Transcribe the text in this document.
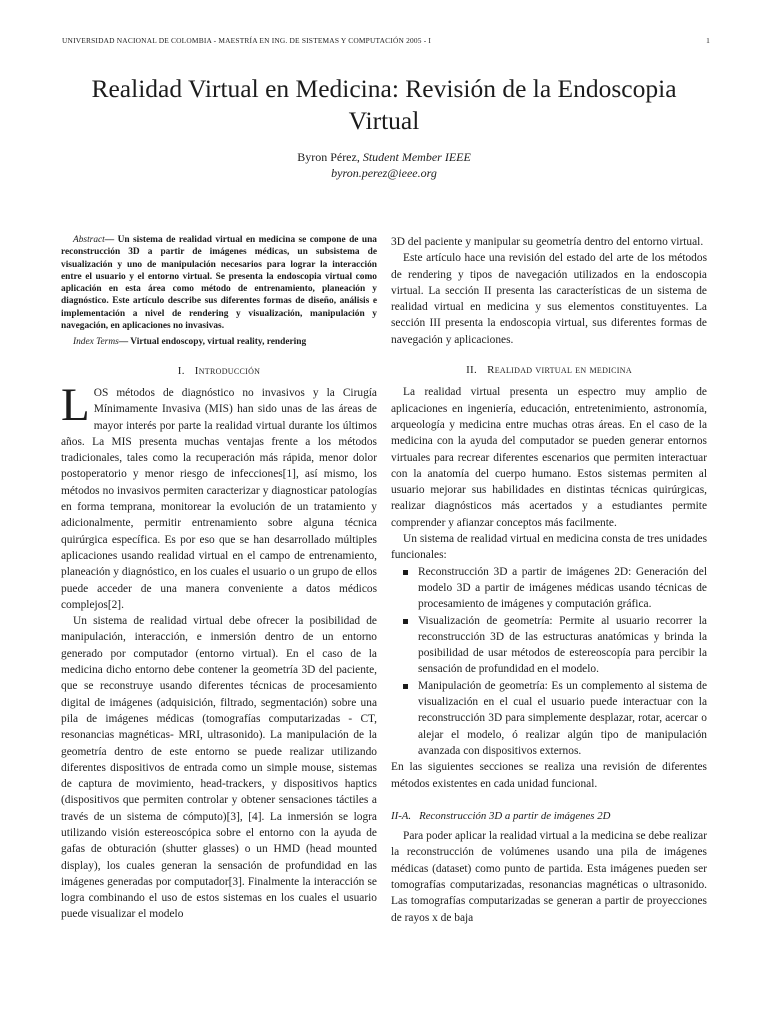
UNIVERSIDAD NACIONAL DE COLOMBIA - MAESTRÍA EN ING. DE SISTEMAS Y COMPUTACIÓN 2005 - I	1
Realidad Virtual en Medicina: Revisión de la Endoscopia Virtual
Byron Pérez, Student Member IEEE
byron.perez@ieee.org

Abstract— Un sistema de realidad virtual en medicina se compone de una reconstrucción 3D a partir de imágenes médicas, un subsistema de visualización y uno de manipulación necesarios para lograr la interacción entre el usuario y el entorno virtual. Se presenta la endoscopia virtual como aplicación en esta área como método de entrenamiento, planeación y diagnóstico. Este artículo describe sus diferentes formas de diseño, análisis e implementación a nivel de rendering y visualización, manipulación y navegación, en aplicaciones no invasivas.

Index Terms— Virtual endoscopy, virtual reality, rendering

I. Introducción

LOS métodos de diagnóstico no invasivos y la Cirugía Mínimamente Invasiva (MIS) han sido unas de las áreas de mayor interés por parte la realidad virtual durante los últimos años. La MIS presenta muchas ventajas frente a los métodos tradicionales, tales como la recuperación más rápida, menor dolor postoperatorio y menor riesgo de infecciones[1], así mismo, los métodos no invasivos permiten caracterizar y diagnosticar patologías en forma temprana, monitorear la evolución de un tratamiento y adicionalmente, permitir entrenamiento sobre alguna técnica quirúrgica específica. Es por eso que se han desarrollado múltiples aplicaciones usando realidad virtual en el campo de entrenamiento, planeación y diagnóstico, en los cuales el usuario o un grupo de ellos puede acceder de una manera conveniente a datos médicos complejos[2].

Un sistema de realidad virtual debe ofrecer la posibilidad de manipulación, interacción, e inmersión dentro de un entorno generado por computador (entorno virtual). En el caso de la medicina dicho entorno debe contener la geometría 3D del paciente, que se reconstruye usando diferentes técnicas de procesamiento digital de imágenes (adquisición, filtrado, segmentación) sobre una pila de imágenes médicas (tomografías computarizadas - CT, resonancias magnéticas- MRI, ultrasonido). La manipulación de la geometría dentro de este entorno se puede realizar utilizando diferentes dispositivos de entrada como un simple mouse, sistemas de captura de movimiento, head-trackers, y dispositivos haptics (dispositivos que permiten controlar y obtener sensaciones táctiles a través de un sistema de cómputo)[3], [4]. La inmersión se logra utilizando visión estereoscópica sobre el entorno con la ayuda de gafas de obturación (shutter glasses) o un HMD (head mounted display), los cuales generan la sensación de profundidad en las imágenes generadas por computador[3]. Finalmente la interacción se logra combinando el uso de estos sistemas en los cuales el usuario puede visualizar el modelo

3D del paciente y manipular su geometría dentro del entorno virtual.

Este artículo hace una revisión del estado del arte de los métodos de rendering y tipos de navegación utilizados en la endoscopia virtual. La sección II presenta las características de un sistema de realidad virtual en medicina y sus elementos constituyentes. La sección III presenta la endoscopia virtual, sus diferentes formas de navegación y aplicaciones.

II. Realidad virtual en medicina

La realidad virtual presenta un espectro muy amplio de aplicaciones en ingeniería, educación, entretenimiento, astronomía, arqueología y medicina entre muchas otras áreas. En el caso de la medicina con la ayuda del computador se pueden generar entornos virtuales para recrear diferentes escenarios que permiten interactuar con la anatomía del cuerpo humano. Estos sistemas permiten al usuario mejorar sus habilidades en distintas técnicas quirúrgicas, realizar diagnósticos más acertados y a estudiantes permite comprender y afianzar conceptos más facilmente.

Un sistema de realidad virtual en medicina consta de tres unidades funcionales:

Reconstrucción 3D a partir de imágenes 2D: Generación del modelo 3D a partir de imágenes médicas usando técnicas de procesamiento de imágenes y computación gráfica.
Visualización de geometría: Permite al usuario recorrer la reconstrucción 3D de las estructuras anatómicas y brinda la posibilidad de usar métodos de estereoscopía para percibir la sensación de profundidad en el modelo.
Manipulación de geometría: Es un complemento al sistema de visualización en el cual el usuario puede interactuar con la reconstrucción 3D para simplemente desplazar, rotar, acercar o alejar el modelo, ó realizar algún tipo de manipulación avanzada con dispositivos externos.

En las siguientes secciones se realiza una revisión de diferentes métodos existentes en cada unidad funcional.

II-A. Reconstrucción 3D a partir de imágenes 2D

Para poder aplicar la realidad virtual a la medicina se debe realizar la reconstrucción de volúmenes usando una pila de imágenes médicas (dataset) como punto de partida. Esta imágenes pueden ser tomografías computarizadas, resonancias magnéticas o ultrasonido. Las tomografías computarizadas se generan a partir de proyecciones de rayos x de baja
